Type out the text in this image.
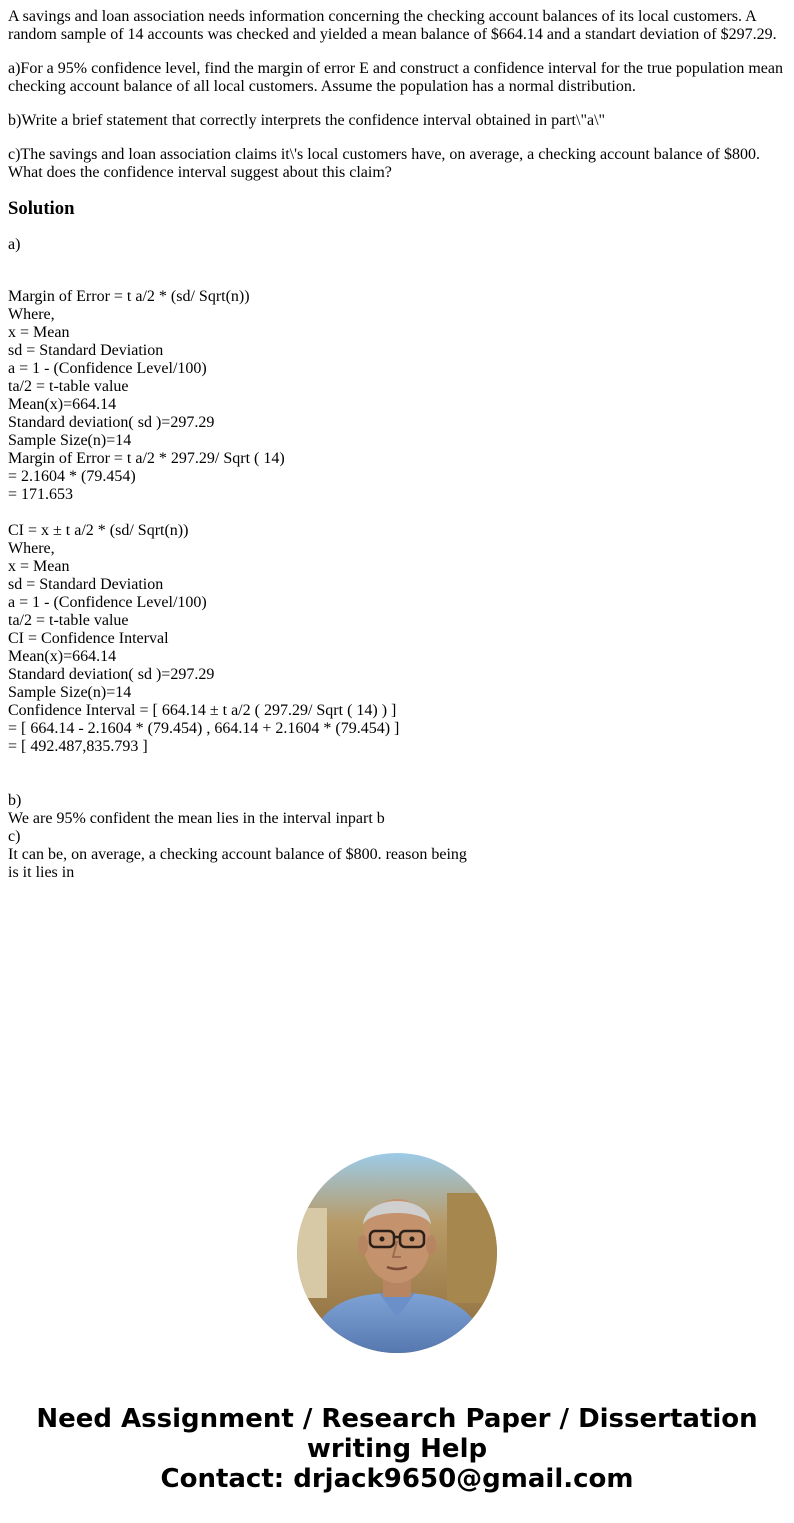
A savings and loan association needs information concerning the checking account balances of its local customers. A random sample of 14 accounts was checked and yielded a mean balance of $664.14 and a standart deviation of $297.29.

a)For a 95% confidence level, find the margin of error E and construct a confidence interval for the true population mean checking account balance of all local customers. Assume the population has a normal distribution.

b)Write a brief statement that correctly interprets the confidence interval obtained in part\"a\"

c)The savings and loan association claims it\'s local customers have, on average, a checking account balance of $800. What does the confidence interval suggest about this claim?

Solution

a)

Margin of Error = t a/2 * (sd/ Sqrt(n))
Where,
x = Mean
sd = Standard Deviation
a = 1 - (Confidence Level/100)
ta/2 = t-table value
Mean(x)=664.14
Standard deviation( sd )=297.29
Sample Size(n)=14
Margin of Error = t a/2 * 297.29/ Sqrt ( 14)
= 2.1604 * (79.454)
= 171.653
CI = x ± t a/2 * (sd/ Sqrt(n))
Where,
x = Mean
sd = Standard Deviation
a = 1 - (Confidence Level/100)
ta/2 = t-table value
CI = Confidence Interval
Mean(x)=664.14
Standard deviation( sd )=297.29
Sample Size(n)=14
Confidence Interval = [ 664.14 ± t a/2 ( 297.29/ Sqrt ( 14) ) ]
= [ 664.14 - 2.1604 * (79.454) , 664.14 + 2.1604 * (79.454) ]
= [ 492.487,835.793 ]
b)
We are 95% confident the mean lies in the interval inpart b
c)
It can be, on average, a checking account balance of $800. reason being
is it lies in
Need Assignment / Research Paper / Dissertation
writing Help
Contact: drjack9650@gmail.com
